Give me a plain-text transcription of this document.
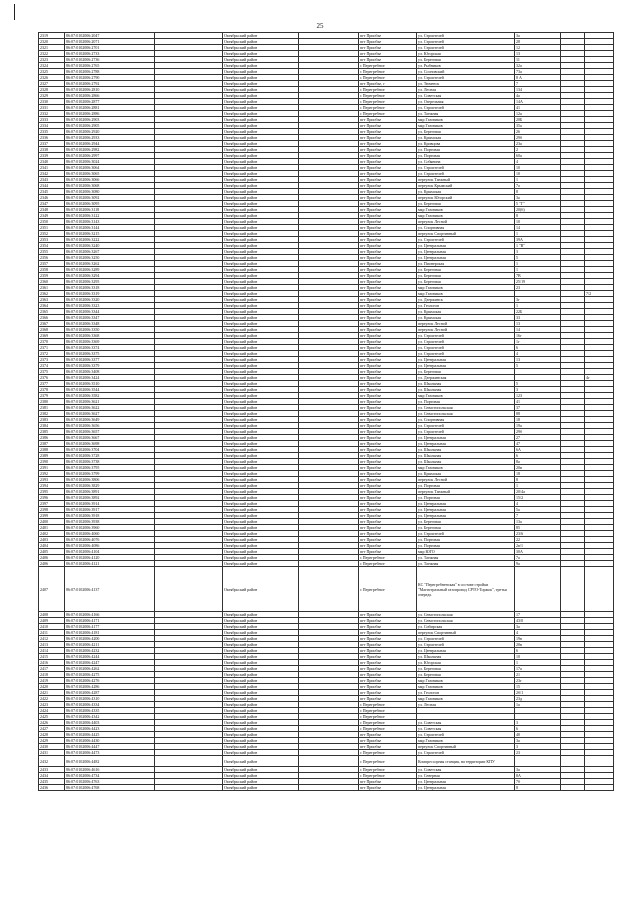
25
2319	86:07:0102006:2047		Октябрьский район		пгт Приобье	ул. Строителей	3а		
2320	86:07:0102006:2071		Октябрьский район		пгт Приобье	ул. Строителей	28		
2321	86:07:0102006:2701		Октябрьский район		пгт Приобье	ул. Строителей	12		
2322	86:07:0102006:2733		Октябрьский район		пгт Приобье	ул. Югорская	13		
2323	86:07:0102006:2736		Октябрьский район		пгт Приобье	ул. Береговая	11		
2324	86:07:0102006:2765		Октябрьский район		с Перегребное	ул. Рыбников	32а		
2325	86:07:0102006:2788		Октябрьский район		с Перегребное	ул. Сосновский	73а		
2326	86:07:0102006:2790		Октябрьский район		с Перегребное	ул. Строителей	8 А		
2327	86:07:0102006:2792		Октябрьский район		пгт Приобье, г	ул. Тюменск	7		
2328	86:07:0102006:2810		Октябрьский район		с Перегребное	ул. Лесная	134		
2329	86:07:0102006:2866		Октябрьский район		с Перегребное	ул. Советская	4а		
2330	86:07:0102006:2877		Октябрьский район		с Перегребное	ул. Озерельная	14А		
2331	86:07:0102006:2881		Октябрьский район		с Перегребное	ул. Строителей	41		
2332	86:07:0102006:2886		Октябрьский район		с Перегребное	ул. Таежная	12а		
2333	86:07:0102006:2903		Октябрьский район		пгт Приобье	мкр Газовиков	20Б		
2334	86:07:0102006:2905		Октябрьский район		пгт Приобье	мкр Газовиков	35а		
2335	86:07:0102006:2920		Октябрьский район		пгт Приобье	ул. Береговая	26		
2336	86:07:0102006:2933		Октябрьский район		пгт Приобье	ул. Крымская	29б		
2337	86:07:0102006:2944		Октябрьский район		пгт Приобье	ул. Кривцова	23а		
2338	86:07:0102006:2982		Октябрьский район		пгт Приобье	ул. Портовая	2		
2339	86:07:0102006:2997		Октябрьский район		пгт Приобье	ул. Портовая	60а		
2340	86:07:0102006:3024		Октябрьский район		пгт Приобье	ул. Собянина	4		
2341	86:07:0102006:3064		Октябрьский район		пгт Приобье	ул. Строителей	10		
2342	86:07:0102006:3065		Октябрьский район		пгт Приобье	ул. Строителей	10		
2343	86:07:0102006:3066		Октябрьский район		пгт Приобье	переулок Таежный	1		
2344	86:07:0102006:3068		Октябрьский район		пгт Приобье	переулок Крымский	7а		
2345	86:07:0102006:3080		Октябрьский район		пгт Приобье	ул. Крымская	8		
2346	86:07:0102006:3092		Октябрьский район		пгт Приобье	переулок Югорский	3а		
2347	86:07:0102006:3095		Октябрьский район		пгт Приобье	ул. Береговая	5 "Г"		
2348	86:07:0102006:3118		Октябрьский район		пгт Приобье	мкр Газовиков	20(6)		
2349	86:07:0102006:3122		Октябрьский район		пгт Приобье	мкр Газовиков	8		
2350	86:07:0102006:3143		Октябрьский район		пгт Приобье	переулок Лесной	10		
2351	86:07:0102006:3144		Октябрьский район		пгт Приобье	ул. Спортивная	14		
2352	86:07:0102006:3215		Октябрьский район		пгт Приобье	переулок Спортивный	1		
2353	86:07:0102006:3222		Октябрьский район		пгт Приобье	ул. Строителей	39А		
2354	86:07:0102006:3240		Октябрьский район		пгт Приобье	ул. Центральная	1 "В"		
2355	86:07:0102006:3267		Октябрьский район		пгт Приобье	ул. Центральная	3		
2356	86:07:0102006:3250		Октябрьский район		пгт Приобье	ул. Центральная	5		
2357	86:07:0102006:3262		Октябрьский район		пгт Приобье	ул. Пионерская	1		
2358	86:07:0102006:3289		Октябрьский район		пгт Приобье	ул. Береговая	1		
2359	86:07:0102006:3294		Октябрьский район		пгт Приобье	ул. Береговая	7В		
2360	86:07:0102006:3295		Октябрьский район		пгт Приобье	ул. Береговая	25/19		
2361	86:07:0102006:3318		Октябрьский район		пгт Приобье	мкр Газовиков	23		
2362	86:07:0102006:3319		Октябрьский район		пгт Приобье	мкр Газовиков			7/2
2363	86:07:0102006:3320		Октябрьский район		пгт Приобье	ул. Дзержинск	3г		
2364	86:07:0102006:3323		Октябрьский район		пгт Приобье	ул. Геологов	1		
2365	86:07:0102006:3344		Октябрьский район		пгт Приобье	ул. Крымская	22Б		
2366	86:07:0102006:3347		Октябрьский район		пгт Приобье	ул. Крымская	33		
2367	86:07:0102006:3348		Октябрьский район		пгт Приобье	переулок Лесной	13		
2368	86:07:0102006:3350		Октябрьский район		пгт Приобье	переулок Лесной	14		
2369	86:07:0102006:3368		Октябрьский район		пгт Приобье	ул. Строителей	16г		
2370	86:07:0102006:3369		Октябрьский район		пгт Приобье	ул. Строителей	1г		
2371	86:07:0102006:3374		Октябрьский район		пгт Приобье	ул. Строителей	6		
2372	86:07:0102006:3375		Октябрьский район		пгт Приобье	ул. Строителей	4		
2373	86:07:0102006:3377		Октябрьский район		пгт Приобье	ул. Центральная	13		
2374	86:07:0102006:3379		Октябрьский район		пгт Приобье	ул. Центральная	5		
2375	86:07:0102006:3408		Октябрьский район		пгт Приобье	ул. Береговая			
2376	86:07:0102006:3424		Октябрьский район		пгт Приобье	ул. Дзержинская			4г
2377	86:07:0102006:3510		Октябрьский район		пгт Приобье	ул. Школьная	5		
2378	86:07:0102006:3544		Октябрьский район		пгт Приобье	ул. Школьная	3		
2379	86:07:0102006:3582		Октябрьский район		пгт Приобье	мкр Газовиков	123		
2380	86:07:0102006:3621		Октябрьский район		пгт Приобье	ул. Портовая	41		
2381	86:07:0102006:3622		Октябрьский район		пгт Приобье	ул. Севастопольская	37		
2382	86:07:0102006:3627		Октябрьский район		пгт Приобье	ул. Севастопольская	88		
2383	86:07:0102006:3649		Октябрьский район		пгт Приобье	ул. Спортивная	18		
2384	86:07:0102006:3656		Октябрьский район		пгт Приобье	ул. Строителей	19а		
2385	86:07:0102006:3657		Октябрьский район		пгт Приобье	ул. Строителей	29б		
2386	86:07:0102006:3667		Октябрьский район		пгт Приобье	ул. Центральная	27		
2387	86:07:0102006:3698		Октябрьский район		пгт Приобье	ул. Центральная	47		
2388	86:07:0102006:3704		Октябрьский район		пгт Приобье	ул. Школьная	6А		
2389	86:07:0102006:3728		Октябрьский район		пгт Приобье	ул. Школьная	6		
2390	86:07:0102006:3738		Октябрьский район		пгт Приобье	ул. Школьная	8а		
2391	86:07:0102006:3795		Октябрьский район		пгт Приобье	мкр Газовиков	20в		
2392	86:07:0102006:3799		Октябрьский район		пгт Приобье	ул. Крымская	18		
2393	86:07:0102006:3806		Октябрьский район		пгт Приобье	переулок Лесной	8		
2394	86:07:0102006:3829		Октябрьский район		пгт Приобье	ул. Портовая	1		
2395	86:07:0102006:3891		Октябрьский район		пгт Приобье	переулок Таежный	20/4а		
2396	86:07:0102006:3892		Октябрьский район		пгт Приобье	ул. Портовая	15/2		
2397	86:07:0102006:3914		Октябрьский район		пгт Приобье	ул. Центральная	4		
2398	86:07:0102006:3917		Октябрьский район		пгт Приобье	ул. Центральная	5а		
2399	86:07:0102006:3918		Октябрьский район		пгт Приобье	ул. Центральная	7		
2400	86:07:0102006:3938		Октябрьский район		пгт Приобье	ул. Береговая	13а		
2401	86:07:0102006:3960		Октябрьский район		пгт Приобье	ул. Береговая	85		
2402	86:07:0102006:4060		Октябрьский район		пгт Приобье	ул. Строителей	23/6		
2403	86:07:0102006:4076		Октябрьский район		пгт Приобье	ул. Портовая	22		
2404	86:07:0102006:4086		Октябрьский район		пгт Приобье	ул. Портовая	2в/1		
2405	86:07:0102006:4104		Октябрьский район		пгт Приобье	мкр ЮГО	30А		
2406	86:07:0102006:4120		Октябрьский район		с Перегребное	ул. Таежная	7а		
2406	86:07:0102006:4121		Октябрьский район		с Перегребное	ул. Таежная	9а		
2407	86:07:0102006:4137		Октябрьский район		с Перегребное	КС "Перегребненская" в составе стройки "Магистральный газопровод СРТО-Торжок", третья очередь			
2408	86:07:0102006:4166		Октябрьский район		пгт Приобье	ул. Севастопольская	17		
2409	86:07:0102006:4171		Октябрьский район		пгт Приобье	ул. Севастопольская	43/0		
2410	86:07:0102006:4177		Октябрьский район		пгт Приобье	ул. Сибирская	3а		
2411	86:07:0102006:4181		Октябрьский район		пгт Приобье	переулок Спортивный	4		
2412	86:07:0102006:4200		Октябрьский район		пгт Приобье	ул. Строителей	19в		
2413	86:07:0102006:4211		Октябрьский район		пгт Приобье	ул. Строителей	20в		
2414	86:07:0102006:4232		Октябрьский район		пгт Приобье	ул. Центральная	6		
2415	86:07:0102006:4244		Октябрьский район		пгт Приобье	ул. Школьная	10		
2416	86:07:0102006:4247		Октябрьский район		пгт Приобье	ул. Югорская	1		
2417	86:07:0102006:4262		Октябрьский район		пгт Приобье	ул. Береговая	17а		
2418	86:07:0102006:4275		Октябрьский район		пгт Приобье	ул. Береговая	21		
2419	86:07:0102006:4276		Октябрьский район		пгт Приобье	мкр Газовиков	23г		
2420	86:07:0102006:4286		Октябрьский район		пгт Приобье	мкр Газовиков	15		
2421	86:07:0102006:4287		Октябрьский район		пгт Приобье	ул. Геологов	2б/1		
2422	86:07:0102006:4310		Октябрьский район		пгт Приобье	мкр Газовиков	23д		
2423	86:07:0102006:4334		Октябрьский район		с Перегребное	ул. Лесная	1а		
2424	86:07:0102006:4335		Октябрьский район		с Перегребное				
2425	86:07:0102006:4342		Октябрьский район		с Перегребное				
2426	86:07:0102006:4403		Октябрьский район		с Перегребное	ул. Советская	3		
2427	86:07:0102006:4423		Октябрьский район		с Перегребное	ул. Советская	6		
2428	86:07:0102006:4425		Октябрьский район		пгт Приобье	ул. Строителей	40		
2429	86:07:0102006:4430		Октябрьский район		пгт Приобье	мкр Газовиков	3а		
2430	86:07:0102006:4447		Октябрьский район		пгт Приобье	переулок Спортивный	3		
2431	86:07:0102006:4473		Октябрьский район		с Перегребное	ул. Строителей	23		
2432	86:07:0102006:4482		Октябрьский район		с Перегребное	Компрессорная станция, на территории КПУ			
2433	86:07:0102006:4616		Октябрьский район		с Перегребное	ул. Советская	3а		
2434	86:07:0102006:4734		Октябрьский район		с Перегребное	ул. Северная	8А		
2435	86:07:0102006:4763		Октябрьский район		пгт Приобье	ул. Центральная	7б		
2436	86:07:0102006:4768		Октябрьский район		пгт Приобье	ул. Центральная	8		
